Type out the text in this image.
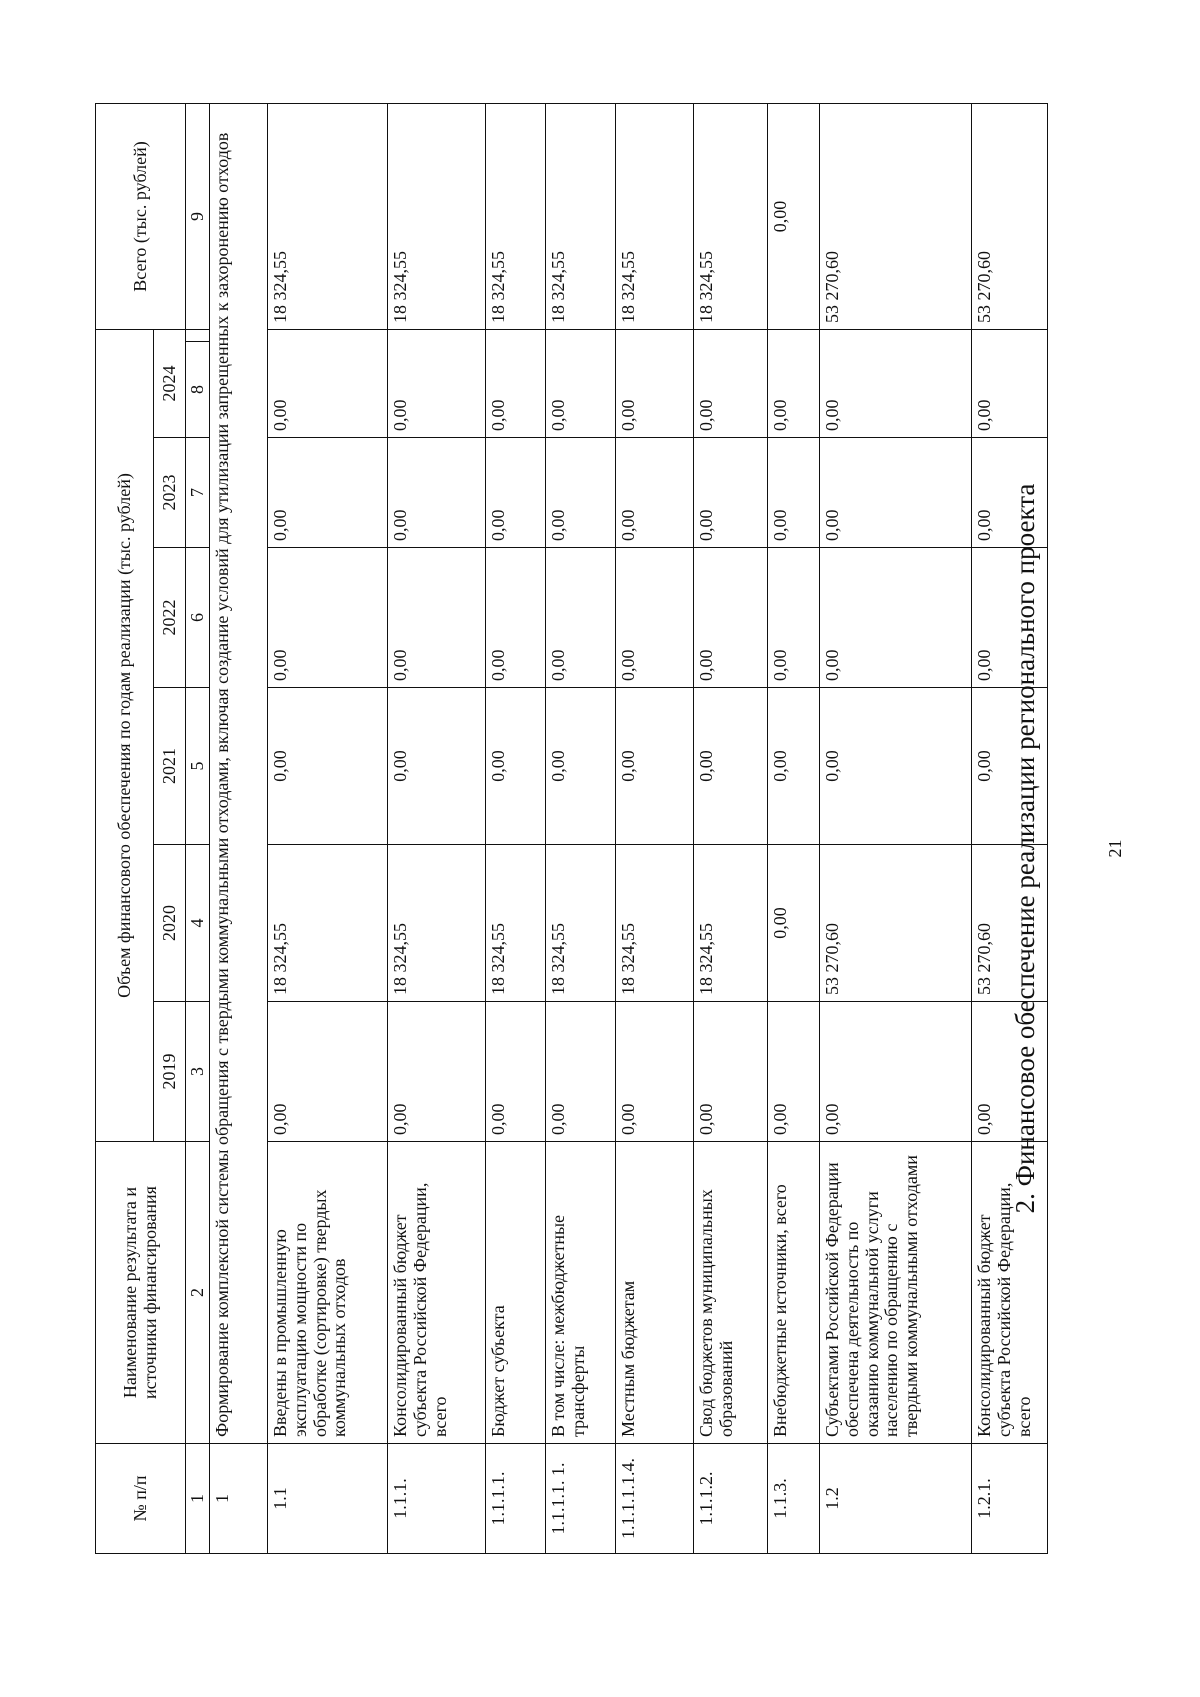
21
2. Финансовое обеспечение реализации регионального проекта
№ п/п	Наименование результата и источники финансирования	Объем финансового обеспечения по годам реализации (тыс. рублей)							Всего (тыс. рублей)
		2019	2020	2021	2022	2023	2024		
1	2	3	4	5	6	7	8		9
1	Формирование комплексной системы обращения с твердыми коммунальными отходами, включая создание условий для утилизации запрещенных к захоронению отходов								
1.1	Введены в промышленную эксплуатацию мощности по обработке (сортировке) твердых коммунальных отходов	0,00	18 324,55	0,00	0,00	0,00	0,00		18 324,55
1.1.1.	Консолидированный бюджет субъекта Российской Федерации, всего	0,00	18 324,55	0,00	0,00	0,00	0,00		18 324,55
1.1.1.1.	Бюджет субъекта	0,00	18 324,55	0,00	0,00	0,00	0,00		18 324,55
1.1.1.1. 1.	В том числе: межбюджетные трансферты	0,00	18 324,55	0,00	0,00	0,00	0,00		18 324,55
1.1.1.1.1.4.	Местным бюджетам	0,00	18 324,55	0,00	0,00	0,00	0,00		18 324,55
1.1.1.2.	Свод бюджетов муниципальных образований	0,00	18 324,55	0,00	0,00	0,00	0,00		18 324,55
1.1.3.	Внебюджетные источники, всего	0,00	0,00	0,00	0,00	0,00	0,00		0,00
1.2	Субъектами Российской Федерации обеспечена деятельность по оказанию коммунальной услуги населению по обращению с твердыми коммунальными отходами	0,00	53 270,60	0,00	0,00	0,00	0,00		53 270,60
1.2.1.	Консолидированный бюджет субъекта Российской Федерации, всего	0,00	53 270,60	0,00	0,00	0,00	0,00		53 270,60
